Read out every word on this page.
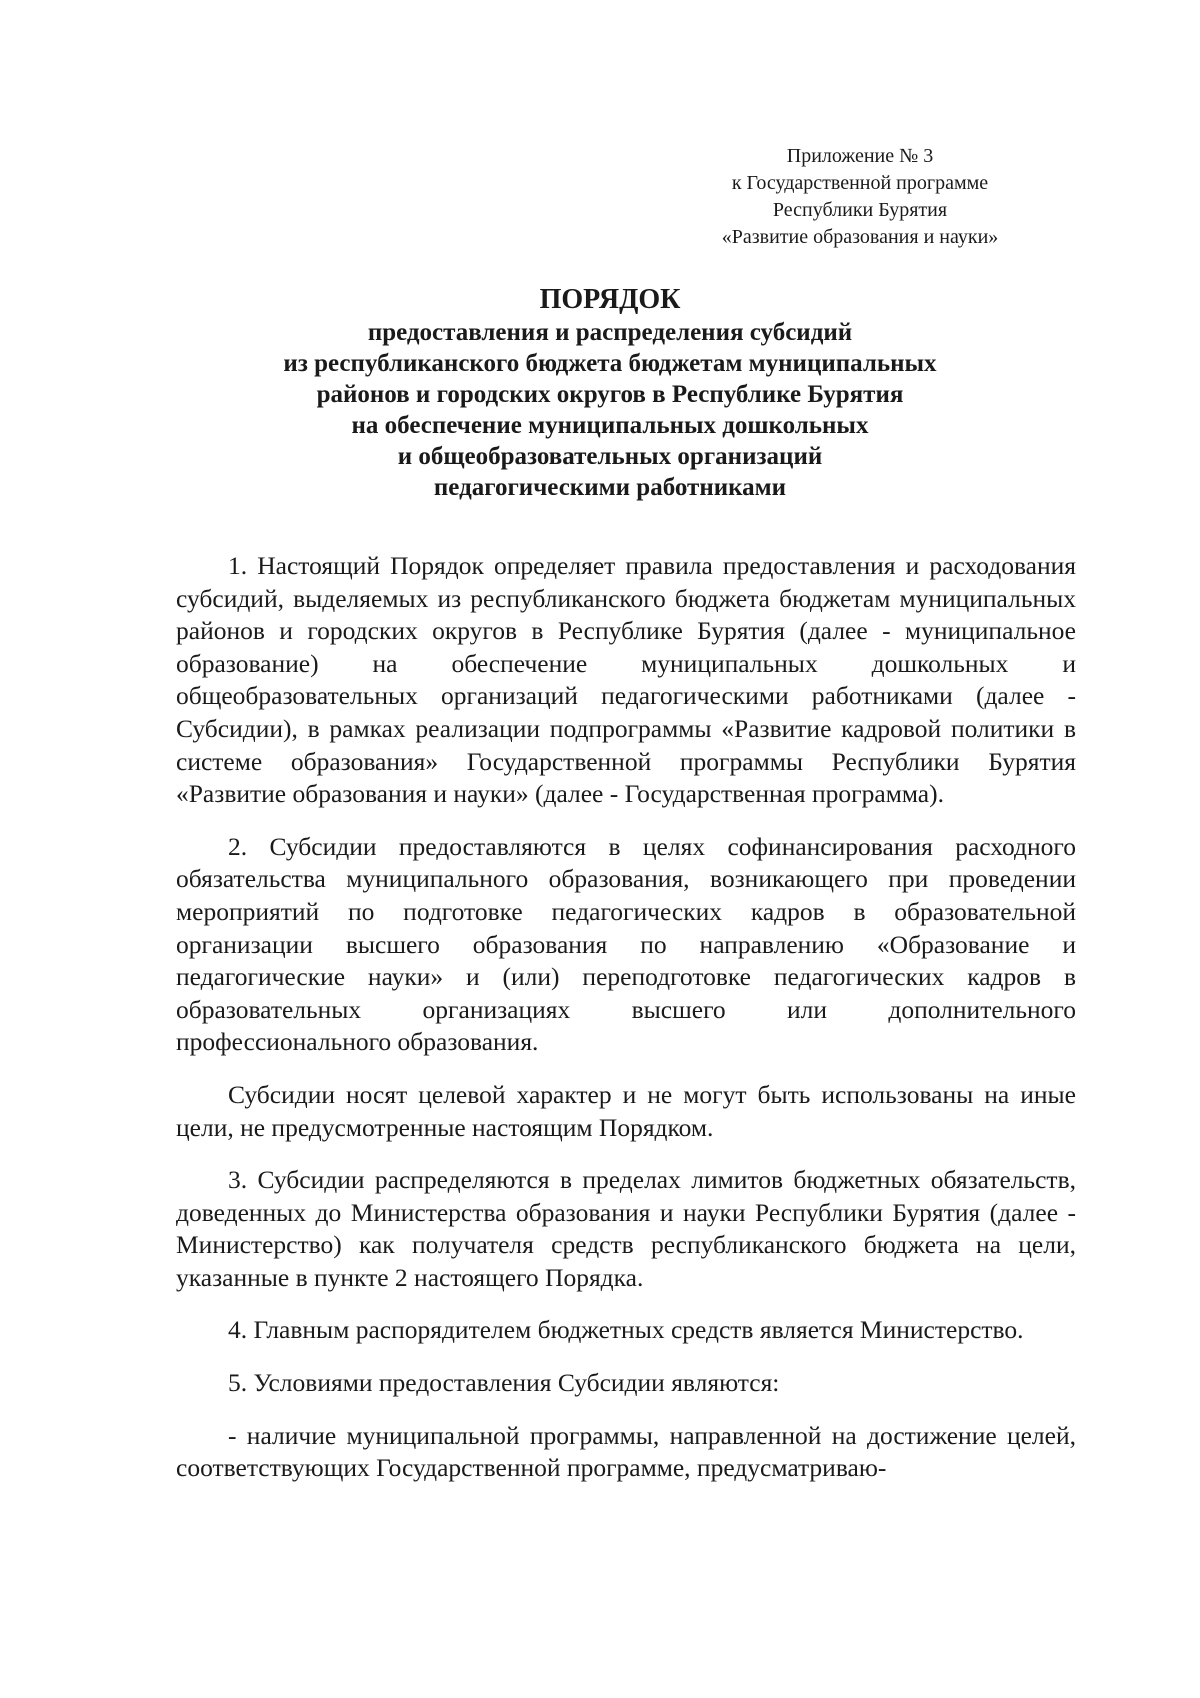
Приложение № 3
к Государственной программе
Республики Бурятия
«Развитие образования и науки»
ПОРЯДОК
предоставления и распределения субсидий
из республиканского бюджета бюджетам муниципальных
районов и городских округов в Республике Бурятия
на обеспечение муниципальных дошкольных
и общеобразовательных организаций
педагогическими работниками

1. Настоящий Порядок определяет правила предоставления и расходования субсидий, выделяемых из республиканского бюджета бюджетам муниципальных районов и городских округов в Республике Бурятия (далее - муниципальное образование) на обеспечение муниципальных дошкольных и общеобразовательных организаций педагогическими работниками (далее - Субсидии), в рамках реализации подпрограммы «Развитие кадровой политики в системе образования» Государственной программы Республики Бурятия «Развитие образования и науки» (далее - Государственная программа).

2. Субсидии предоставляются в целях софинансирования расходного обязательства муниципального образования, возникающего при проведении мероприятий по подготовке педагогических кадров в образовательной организации высшего образования по направлению «Образование и педагогические науки» и (или) переподготовке педагогических кадров в образовательных организациях высшего или дополнительного профессионального образования.

Субсидии носят целевой характер и не могут быть использованы на иные цели, не предусмотренные настоящим Порядком.

3. Субсидии распределяются в пределах лимитов бюджетных обязательств, доведенных до Министерства образования и науки Республики Бурятия (далее - Министерство) как получателя средств республиканского бюджета на цели, указанные в пункте 2 настоящего Порядка.

4. Главным распорядителем бюджетных средств является Министерство.

5. Условиями предоставления Субсидии являются:

- наличие муниципальной программы, направленной на достижение целей, соответствующих Государственной программе, предусматриваю-
